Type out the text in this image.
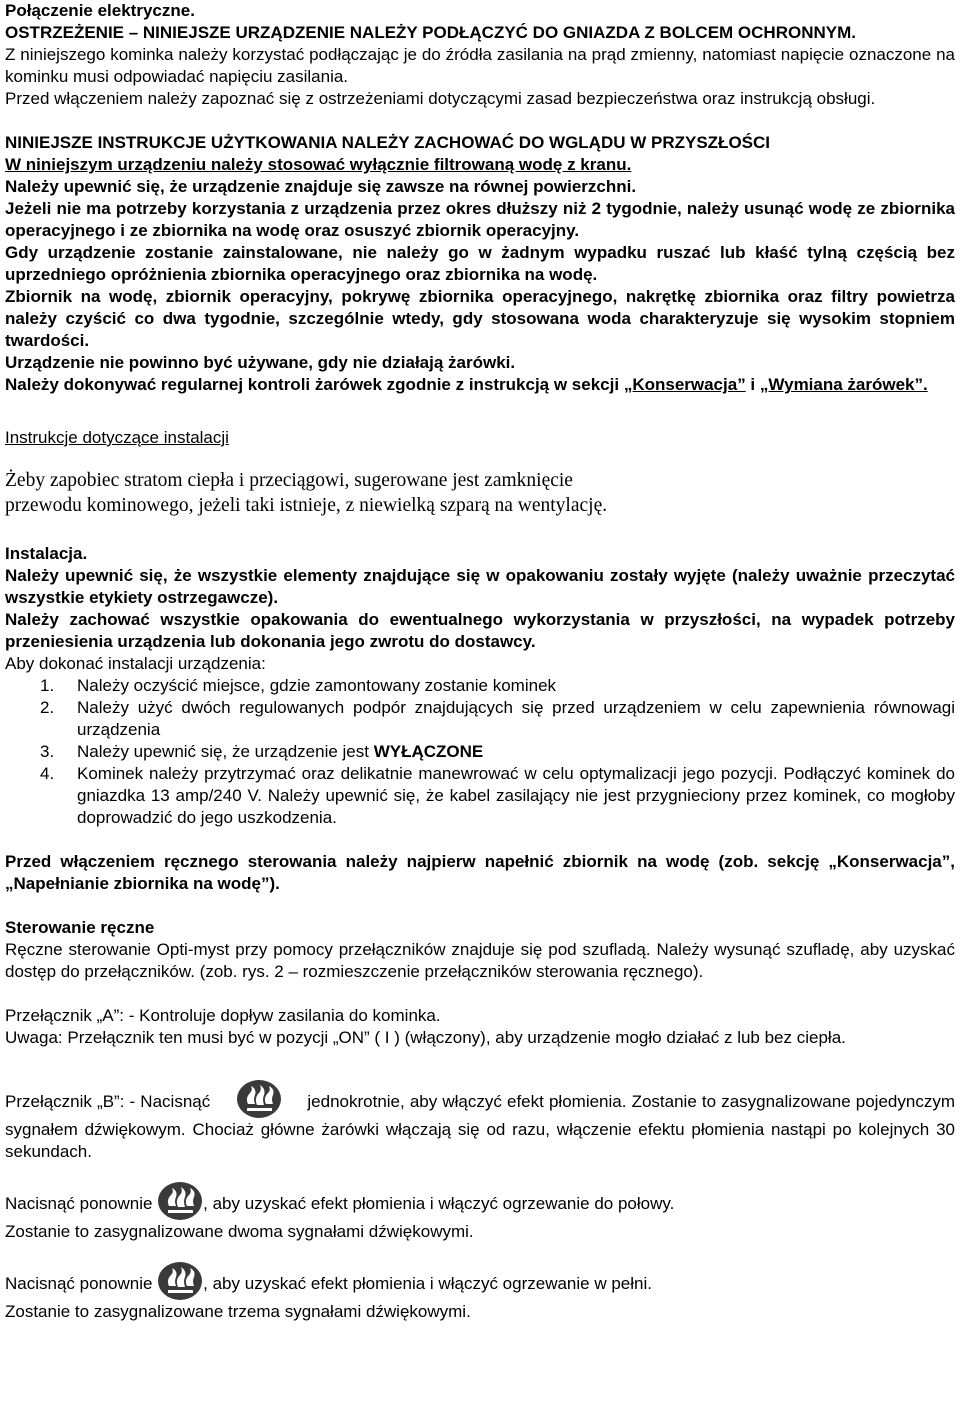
Połączenie elektryczne.

OSTRZEŻENIE – NINIEJSZE URZĄDZENIE NALEŻY PODŁĄCZYĆ DO GNIAZDA Z BOLCEM OCHRONNYM.

Z niniejszego kominka należy korzystać podłączając je do źródła zasilania na prąd zmienny, natomiast napięcie oznaczone na kominku musi odpowiadać napięciu zasilania.

Przed włączeniem należy zapoznać się z ostrzeżeniami dotyczącymi zasad bezpieczeństwa oraz instrukcją obsługi.

NINIEJSZE INSTRUKCJE UŻYTKOWANIA NALEŻY ZACHOWAĆ DO WGLĄDU W PRZYSZŁOŚCI

W niniejszym urządzeniu należy stosować wyłącznie filtrowaną wodę z kranu.

Należy upewnić się, że urządzenie znajduje się zawsze na równej powierzchni.

Jeżeli nie ma potrzeby korzystania z urządzenia przez okres dłuższy niż 2 tygodnie, należy usunąć wodę ze zbiornika operacyjnego i ze zbiornika na wodę oraz osuszyć zbiornik operacyjny.

Gdy urządzenie zostanie zainstalowane, nie należy go w żadnym wypadku ruszać lub kłaść tylną częścią bez uprzedniego opróżnienia zbiornika operacyjnego oraz zbiornika na wodę.

Zbiornik na wodę, zbiornik operacyjny, pokrywę zbiornika operacyjnego, nakrętkę zbiornika oraz filtry powietrza należy czyścić co dwa tygodnie, szczególnie wtedy, gdy stosowana woda charakteryzuje się wysokim stopniem twardości.

Urządzenie nie powinno być używane, gdy nie działają żarówki.

Należy dokonywać regularnej kontroli żarówek zgodnie z instrukcją w sekcji „Konserwacja” i „Wymiana żarówek”.

Instrukcje dotyczące instalacji

Żeby zapobiec stratom ciepła i przeciągowi, sugerowane jest zamknięcie

przewodu kominowego, jeżeli taki istnieje, z niewielką szparą na wentylację.

Instalacja.

Należy upewnić się, że wszystkie elementy znajdujące się w opakowaniu zostały wyjęte (należy uważnie przeczytać wszystkie etykiety ostrzegawcze).

Należy zachować wszystkie opakowania do ewentualnego wykorzystania w przyszłości, na wypadek potrzeby przeniesienia urządzenia lub dokonania jego zwrotu do dostawcy.

Aby dokonać instalacji urządzenia:

1. Należy oczyścić miejsce, gdzie zamontowany zostanie kominek
2. Należy użyć dwóch regulowanych podpór znajdujących się przed urządzeniem w celu zapewnienia równowagi urządzenia
3. Należy upewnić się, że urządzenie jest WYŁĄCZONE
4. Kominek należy przytrzymać oraz delikatnie manewrować w celu optymalizacji jego pozycji. Podłączyć kominek do gniazdka 13 amp/240 V. Należy upewnić się, że kabel zasilający nie jest przygnieciony przez kominek, co mogłoby doprowadzić do jego uszkodzenia.

Przed włączeniem ręcznego sterowania należy najpierw napełnić zbiornik na wodę (zob. sekcję „Konserwacja”, „Napełnianie zbiornika na wodę”).

Sterowanie ręczne

Ręczne sterowanie Opti-myst przy pomocy przełączników znajduje się pod szufladą. Należy wysunąć szufladę, aby uzyskać dostęp do przełączników. (zob. rys. 2 – rozmieszczenie przełączników sterowania ręcznego).

Przełącznik „A”: - Kontroluje dopływ zasilania do kominka.

Uwaga: Przełącznik ten musi być w pozycji „ON” ( I ) (włączony), aby urządzenie mogło działać z lub bez ciepła.

Przełącznik „B”: - Nacisnąć	jednokrotnie, aby włączyć efekt płomienia. Zostanie to zasygnalizowane pojedynczym sygnałem dźwiękowym. Chociaż główne żarówki włączają się od razu, włączenie efektu płomienia nastąpi po kolejnych 30 sekundach.

Nacisnąć ponownie	, aby uzyskać efekt płomienia i włączyć ogrzewanie do połowy.

Zostanie to zasygnalizowane dwoma sygnałami dźwiękowymi.

Nacisnąć ponownie	, aby uzyskać efekt płomienia i włączyć ogrzewanie w pełni.

Zostanie to zasygnalizowane trzema sygnałami dźwiękowymi.
